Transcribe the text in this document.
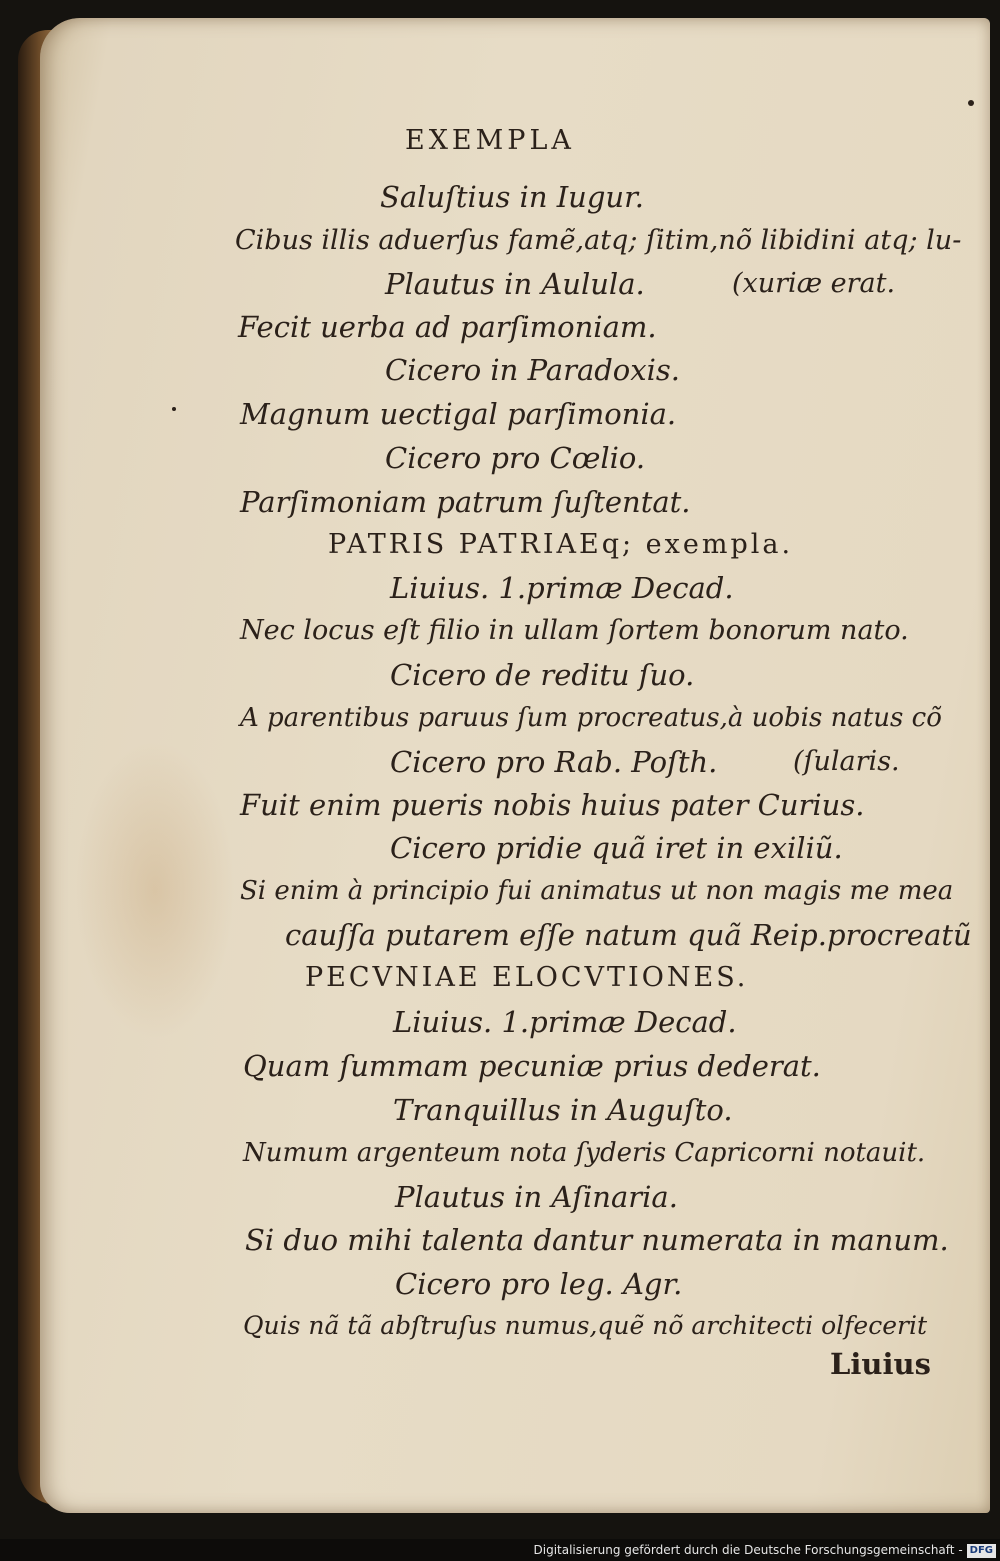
EXEMPLA
Saluſtius in Iugur.
Cibus illis aduerſus famẽ,atq; ſitim,nõ libidini atq; lu-
Plautus in Aulula.	(xuriæ erat.
Fecit uerba ad parſimoniam.
Cicero in Paradoxis.
Magnum uectigal parſimonia.
Cicero pro Cœlio.
Parſimoniam patrum ſuſtentat.
PATRIS PATRIAEq; exempla.
Liuius. 1.primæ Decad.
Nec locus eſt filio in ullam ſortem bonorum nato.
Cicero de reditu ſuo.
A parentibus paruus ſum procreatus,à uobis natus cõ
Cicero pro Rab. Poſth.	(ſularis.
Fuit enim pueris nobis huius pater Curius.
Cicero pridie quã iret in exiliũ.
Si enim à principio fui animatus ut non magis me mea
cauſſa putarem eſſe natum quã Reip.procreatũ
PECVNIAE ELOCVTIONES.
Liuius. 1.primæ Decad.
Quam ſummam pecuniæ prius dederat.
Tranquillus in Auguſto.
Numum argenteum nota ſyderis Capricorni notauit.
Plautus in Aſinaria.
Si duo mihi talenta dantur numerata in manum.
Cicero pro leg. Agr.
Quis nã tã abſtruſus numus,quẽ nõ architecti olfecerit
Liuius
Digitalisierung gefördert durch die Deutsche Forschungsgemeinschaft - DFG
